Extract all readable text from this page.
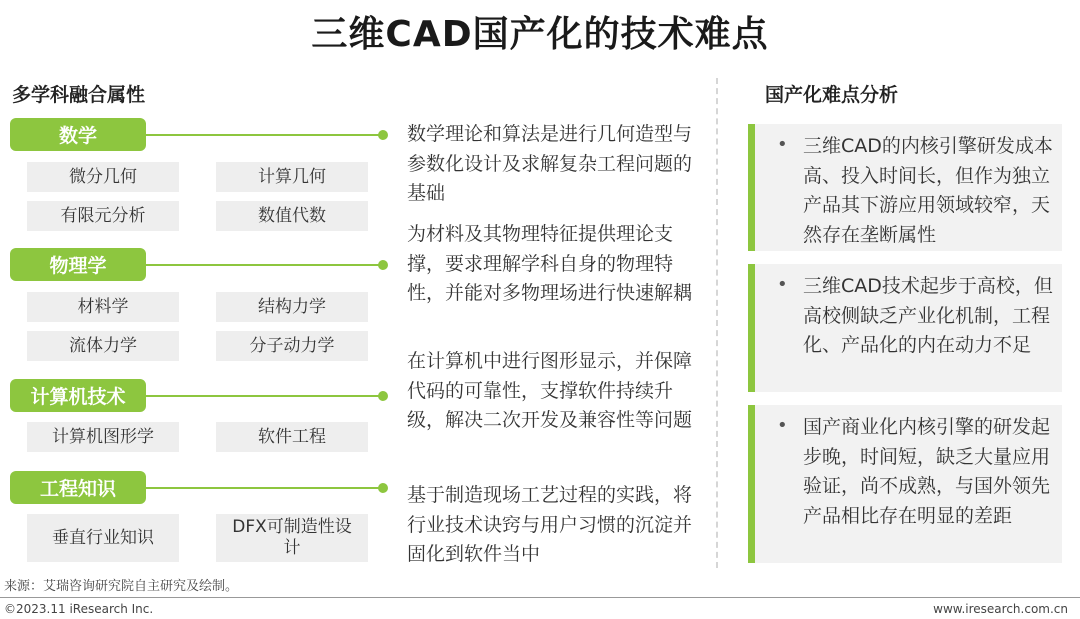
三维CAD国产化的技术难点
多学科融合属性	国产化难点分析
数学
微分几何	计算几何
有限元分析	数值代数
数学理论和算法是进行几何造型与参数化设计及求解复杂工程问题的基础
物理学
材料学	结构力学
流体力学	分子动力学
为材料及其物理特征提供理论支撑，要求理解学科自身的物理特性，并能对多物理场进行快速解耦
计算机技术
计算机图形学	软件工程
在计算机中进行图形显示，并保障代码的可靠性，支撑软件持续升级，解决二次开发及兼容性等问题
工程知识
垂直行业知识
DFX可制造性设计
基于制造现场工艺过程的实践，将行业技术诀窍与用户习惯的沉淀并固化到软件当中
• 三维CAD的内核引擎研发成本高、投入时间长，但作为独立产品其下游应用领域较窄，天然存在垄断属性
• 三维CAD技术起步于高校，但高校侧缺乏产业化机制，工程化、产品化的内在动力不足
• 国产商业化内核引擎的研发起步晚，时间短，缺乏大量应用验证，尚不成熟，与国外领先产品相比存在明显的差距
来源：艾瑞咨询研究院自主研究及绘制。
©2023.11 iResearch Inc.	www.iresearch.com.cn
